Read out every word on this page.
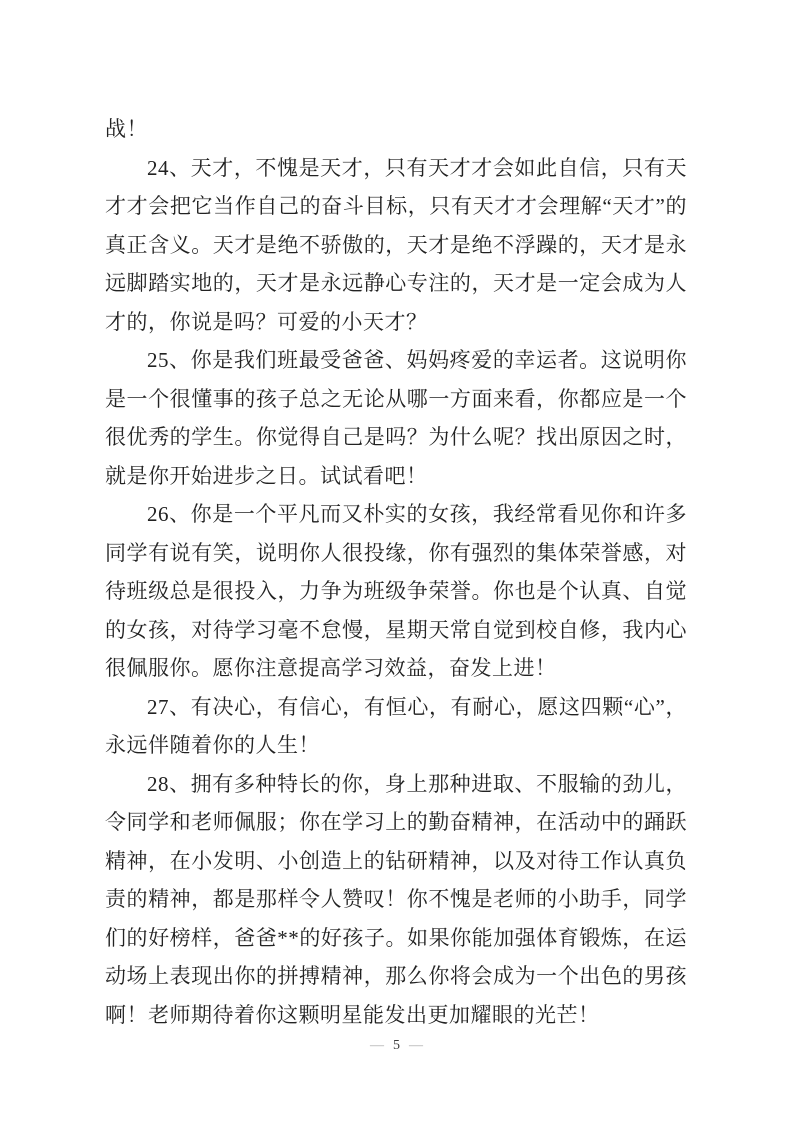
战！

24、天才，不愧是天才，只有天才才会如此自信，只有天才才会把它当作自己的奋斗目标，只有天才才会理解“天才”的真正含义。天才是绝不骄傲的，天才是绝不浮躁的，天才是永远脚踏实地的，天才是永远静心专注的，天才是一定会成为人才的，你说是吗？可爱的小天才？

25、你是我们班最受爸爸、妈妈疼爱的幸运者。这说明你是一个很懂事的孩子总之无论从哪一方面来看，你都应是一个很优秀的学生。你觉得自己是吗？为什么呢？找出原因之时，就是你开始进步之日。试试看吧！

26、你是一个平凡而又朴实的女孩，我经常看见你和许多同学有说有笑，说明你人很投缘，你有强烈的集体荣誉感，对待班级总是很投入，力争为班级争荣誉。你也是个认真、自觉的女孩，对待学习毫不怠慢，星期天常自觉到校自修，我内心很佩服你。愿你注意提高学习效益，奋发上进！

27、有决心，有信心，有恒心，有耐心，愿这四颗“心”，永远伴随着你的人生！

28、拥有多种特长的你，身上那种进取、不服输的劲儿，令同学和老师佩服；你在学习上的勤奋精神，在活动中的踊跃精神，在小发明、小创造上的钻研精神，以及对待工作认真负责的精神，都是那样令人赞叹！你不愧是老师的小助手，同学们的好榜样，爸爸**的好孩子。如果你能加强体育锻炼，在运动场上表现出你的拼搏精神，那么你将会成为一个出色的男孩啊！老师期待着你这颗明星能发出更加耀眼的光芒！

— 5 —
